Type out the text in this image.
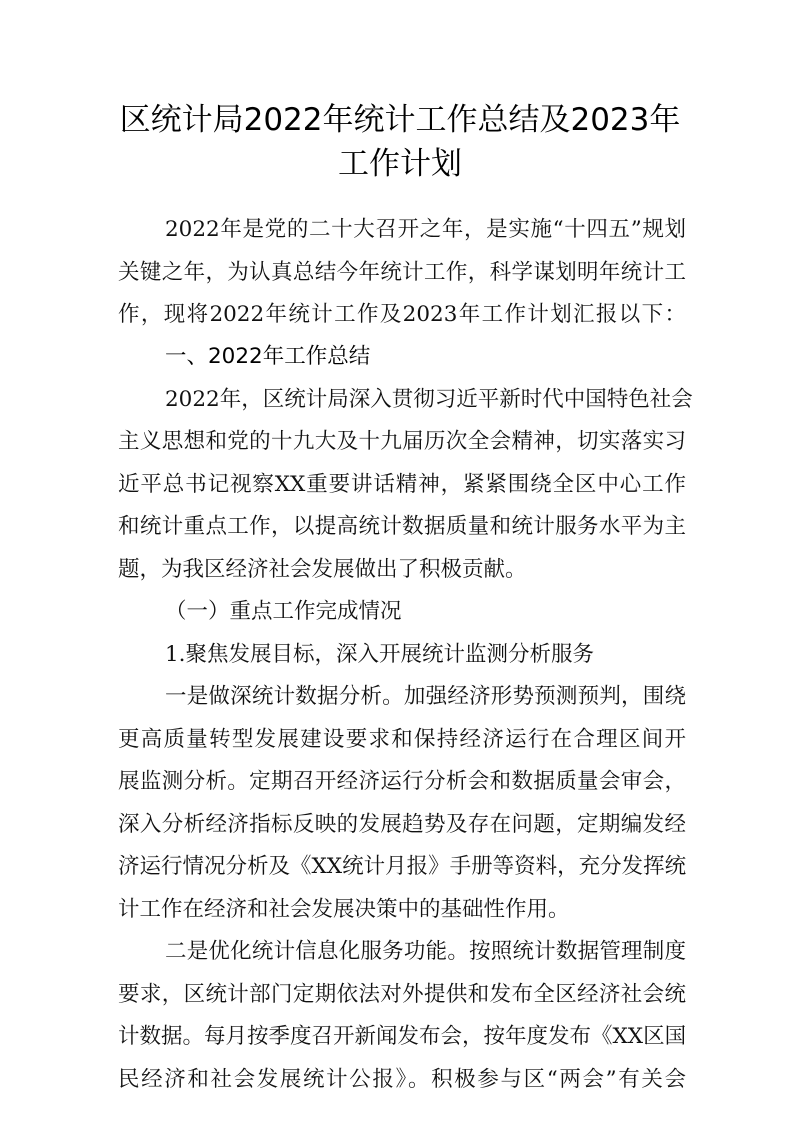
区统计局2022年统计工作总结及2023年
工作计划
2022年是党的二十大召开之年，是实施“十四五”规划
关键之年，为认真总结今年统计工作，科学谋划明年统计工
作，现将2022年统计工作及2023年工作计划汇报以下：
一、2022年工作总结
2022年，区统计局深入贯彻习近平新时代中国特色社会
主义思想和党的十九大及十九届历次全会精神，切实落实习
近平总书记视察XX重要讲话精神，紧紧围绕全区中心工作
和统计重点工作，以提高统计数据质量和统计服务水平为主
题，为我区经济社会发展做出了积极贡献。
（一）重点工作完成情况
1.聚焦发展目标，深入开展统计监测分析服务
一是做深统计数据分析。加强经济形势预测预判，围绕
更高质量转型发展建设要求和保持经济运行在合理区间开
展监测分析。定期召开经济运行分析会和数据质量会审会，
深入分析经济指标反映的发展趋势及存在问题，定期编发经
济运行情况分析及《XX统计月报》手册等资料，充分发挥统
计工作在经济和社会发展决策中的基础性作用。
二是优化统计信息化服务功能。按照统计数据管理制度
要求，区统计部门定期依法对外提供和发布全区经济社会统
计数据。每月按季度召开新闻发布会，按年度发布《XX区国
民经济和社会发展统计公报》。积极参与区“两会”有关会
